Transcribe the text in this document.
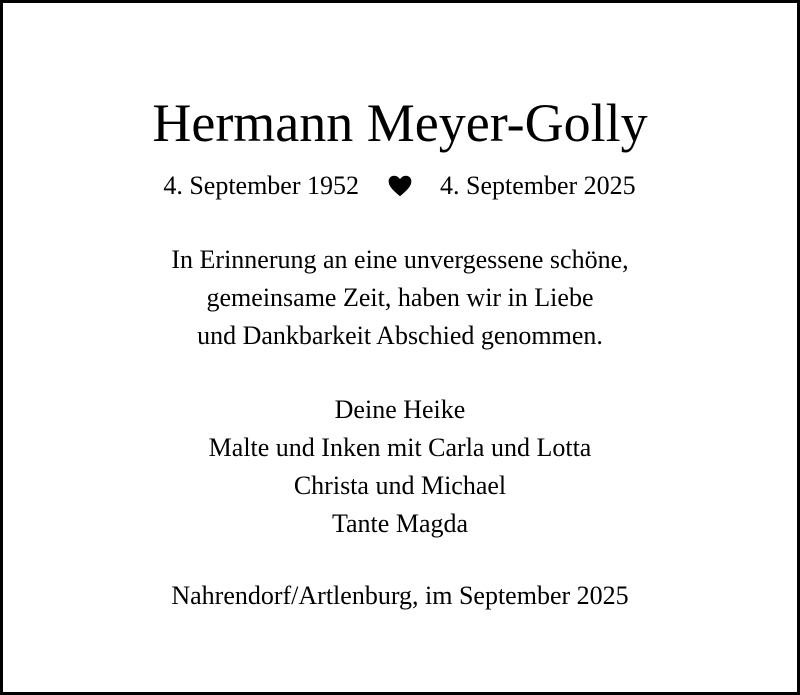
Hermann Meyer-Golly
4. September 1952	4. September 2025
In Erinnerung an eine unvergessene schöne,
gemeinsame Zeit, haben wir in Liebe
und Dankbarkeit Abschied genommen.
Deine Heike
Malte und Inken mit Carla und Lotta
Christa und Michael
Tante Magda
Nahrendorf/Artlenburg, im September 2025
